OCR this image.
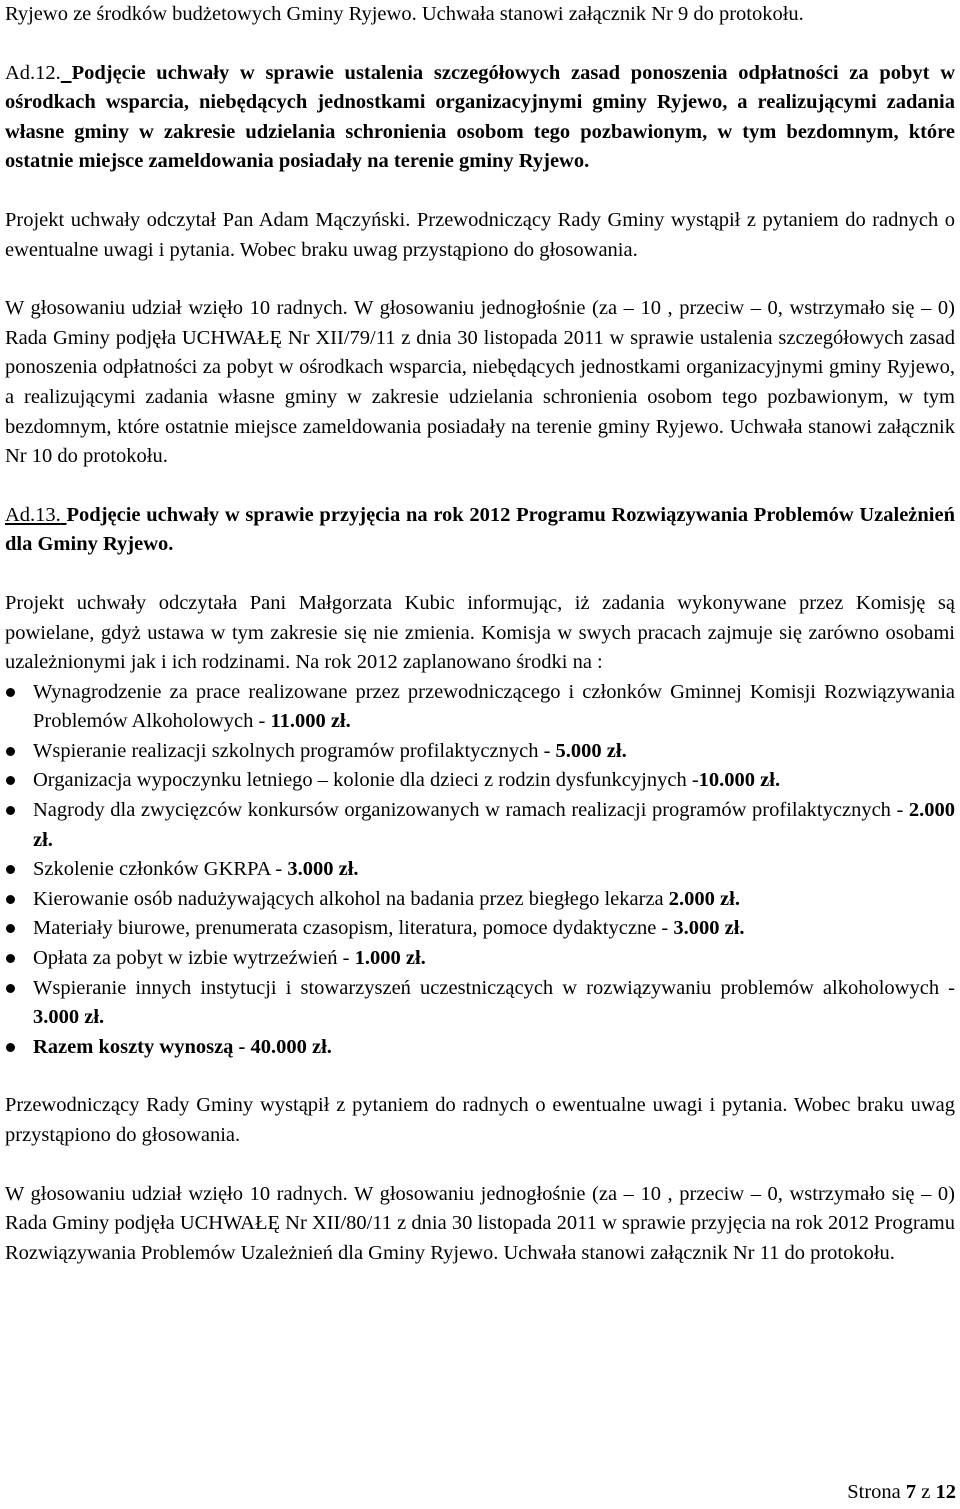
Ryjewo ze środków budżetowych Gminy Ryjewo. Uchwała stanowi załącznik Nr 9 do protokołu.

Ad.12. Podjęcie uchwały w sprawie ustalenia szczegółowych zasad ponoszenia odpłatności za pobyt w ośrodkach wsparcia, niebędących jednostkami organizacyjnymi gminy Ryjewo, a realizującymi zadania własne gminy w zakresie udzielania schronienia osobom tego pozbawionym, w tym bezdomnym, które ostatnie miejsce zameldowania posiadały na terenie gminy Ryjewo.

Projekt uchwały odczytał Pan Adam Mączyński. Przewodniczący Rady Gminy wystąpił z pytaniem do radnych o ewentualne uwagi i pytania. Wobec braku uwag przystąpiono do głosowania.

W głosowaniu udział wzięło 10 radnych. W głosowaniu jednogłośnie (za – 10 , przeciw – 0, wstrzymało się – 0) Rada Gminy podjęła UCHWAŁĘ Nr XII/79/11 z dnia 30 listopada 2011 w sprawie ustalenia szczegółowych zasad ponoszenia odpłatności za pobyt w ośrodkach wsparcia, niebędących jednostkami organizacyjnymi gminy Ryjewo, a realizującymi zadania własne gminy w zakresie udzielania schronienia osobom tego pozbawionym, w tym bezdomnym, które ostatnie miejsce zameldowania posiadały na terenie gminy Ryjewo. Uchwała stanowi załącznik Nr 10 do protokołu.

Ad.13. Podjęcie uchwały w sprawie przyjęcia na rok 2012 Programu Rozwiązywania Problemów Uzależnień dla Gminy Ryjewo.

Projekt uchwały odczytała Pani Małgorzata Kubic informując, iż zadania wykonywane przez Komisję są powielane, gdyż ustawa w tym zakresie się nie zmienia. Komisja w swych pracach zajmuje się zarówno osobami uzależnionymi jak i ich rodzinami. Na rok 2012 zaplanowano środki na :

Wynagrodzenie za prace realizowane przez przewodniczącego i członków Gminnej Komisji Rozwiązywania Problemów Alkoholowych - 11.000 zł.
Wspieranie realizacji szkolnych programów profilaktycznych - 5.000 zł.
Organizacja wypoczynku letniego – kolonie dla dzieci z rodzin dysfunkcyjnych -10.000 zł.
Nagrody dla zwycięzców konkursów organizowanych w ramach realizacji programów profilaktycznych - 2.000 zł.
Szkolenie członków GKRPA - 3.000 zł.
Kierowanie osób nadużywających alkohol na badania przez biegłego lekarza 2.000 zł.
Materiały biurowe, prenumerata czasopism, literatura, pomoce dydaktyczne - 3.000 zł.
Opłata za pobyt w izbie wytrzeźwień - 1.000 zł.
Wspieranie innych instytucji i stowarzyszeń uczestniczących w rozwiązywaniu problemów alkoholowych - 3.000 zł.
Razem koszty wynoszą - 40.000 zł.

Przewodniczący Rady Gminy wystąpił z pytaniem do radnych o ewentualne uwagi i pytania. Wobec braku uwag przystąpiono do głosowania.

W głosowaniu udział wzięło 10 radnych. W głosowaniu jednogłośnie (za – 10 , przeciw – 0, wstrzymało się – 0) Rada Gminy podjęła UCHWAŁĘ Nr XII/80/11 z dnia 30 listopada 2011 w sprawie przyjęcia na rok 2012 Programu Rozwiązywania Problemów Uzależnień dla Gminy Ryjewo. Uchwała stanowi załącznik Nr 11 do protokołu.

Strona 7 z 12
